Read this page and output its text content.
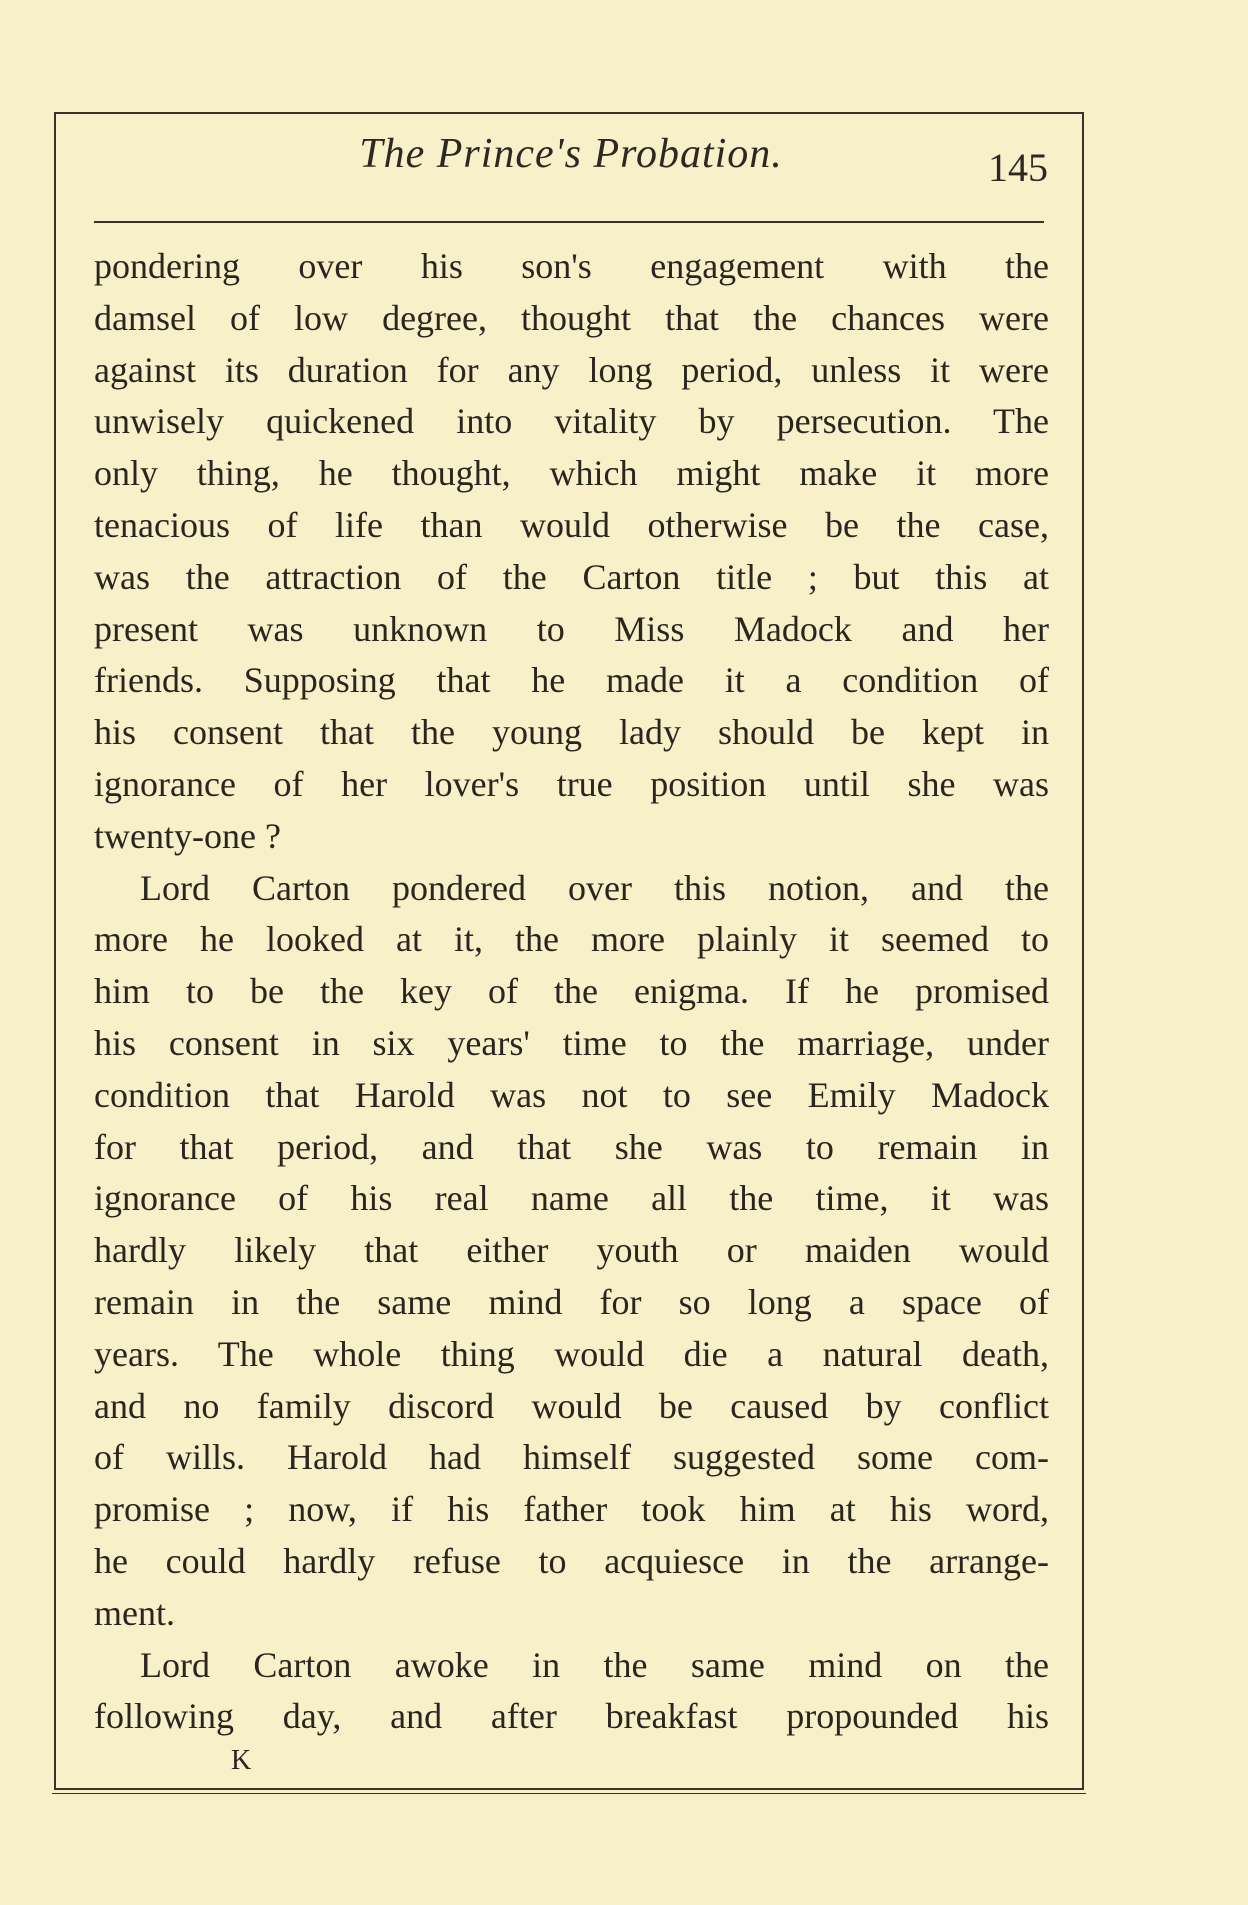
The Prince's Probation.	145
pondering over his son's engagement with the
damsel of low degree, thought that the chances were
against its duration for any long period, unless it were
unwisely quickened into vitality by persecution. The
only thing, he thought, which might make it more
tenacious of life than would otherwise be the case,
was the attraction of the Carton title ; but this at
present was unknown to Miss Madock and her
friends. Supposing that he made it a condition of
his consent that the young lady should be kept in
ignorance of her lover's true position until she was
twenty-one ?
Lord Carton pondered over this notion, and the
more he looked at it, the more plainly it seemed to
him to be the key of the enigma. If he promised
his consent in six years' time to the marriage, under
condition that Harold was not to see Emily Madock
for that period, and that she was to remain in
ignorance of his real name all the time, it was
hardly likely that either youth or maiden would
remain in the same mind for so long a space of
years. The whole thing would die a natural death,
and no family discord would be caused by conflict
of wills. Harold had himself suggested some com-
promise ; now, if his father took him at his word,
he could hardly refuse to acquiesce in the arrange-
ment.
Lord Carton awoke in the same mind on the
following day, and after breakfast propounded his
K
